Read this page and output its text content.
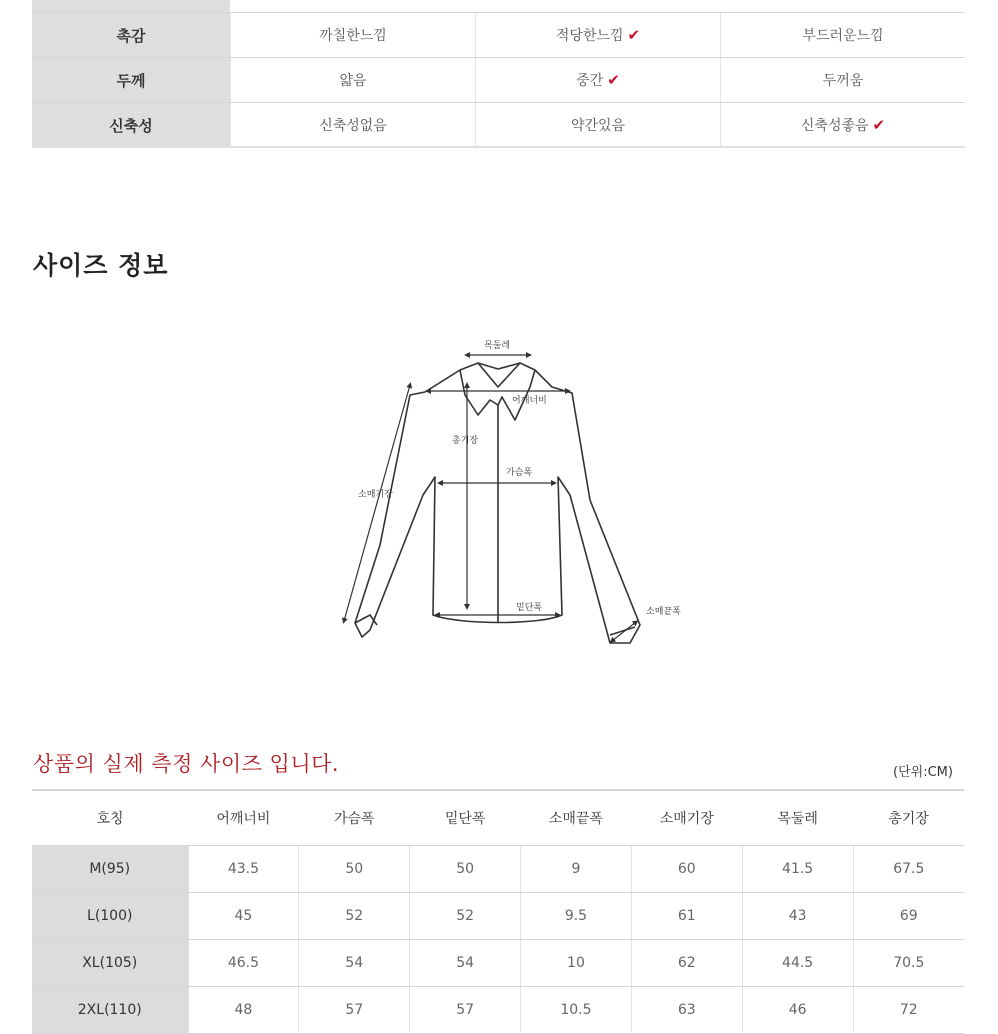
촉감	까칠한느낌	적당한느낌 ✔	부드러운느낌
두께	얇음	중간 ✔	두꺼움
신축성	신축성없음	약간있음	신축성좋음 ✔
사이즈 정보
목둘레
어깨너비
총기장
가슴폭
소매기장
밑단폭	소매끝폭
상품의 실제 측정 사이즈 입니다.	(단위:CM)
호칭	어깨너비	가슴폭	밑단폭	소매끝폭	소매기장	목둘레	총기장
M(95)	43.5	50	50	9	60	41.5	67.5
L(100)	45	52	52	9.5	61	43	69
XL(105)	46.5	54	54	10	62	44.5	70.5
2XL(110)	48	57	57	10.5	63	46	72
